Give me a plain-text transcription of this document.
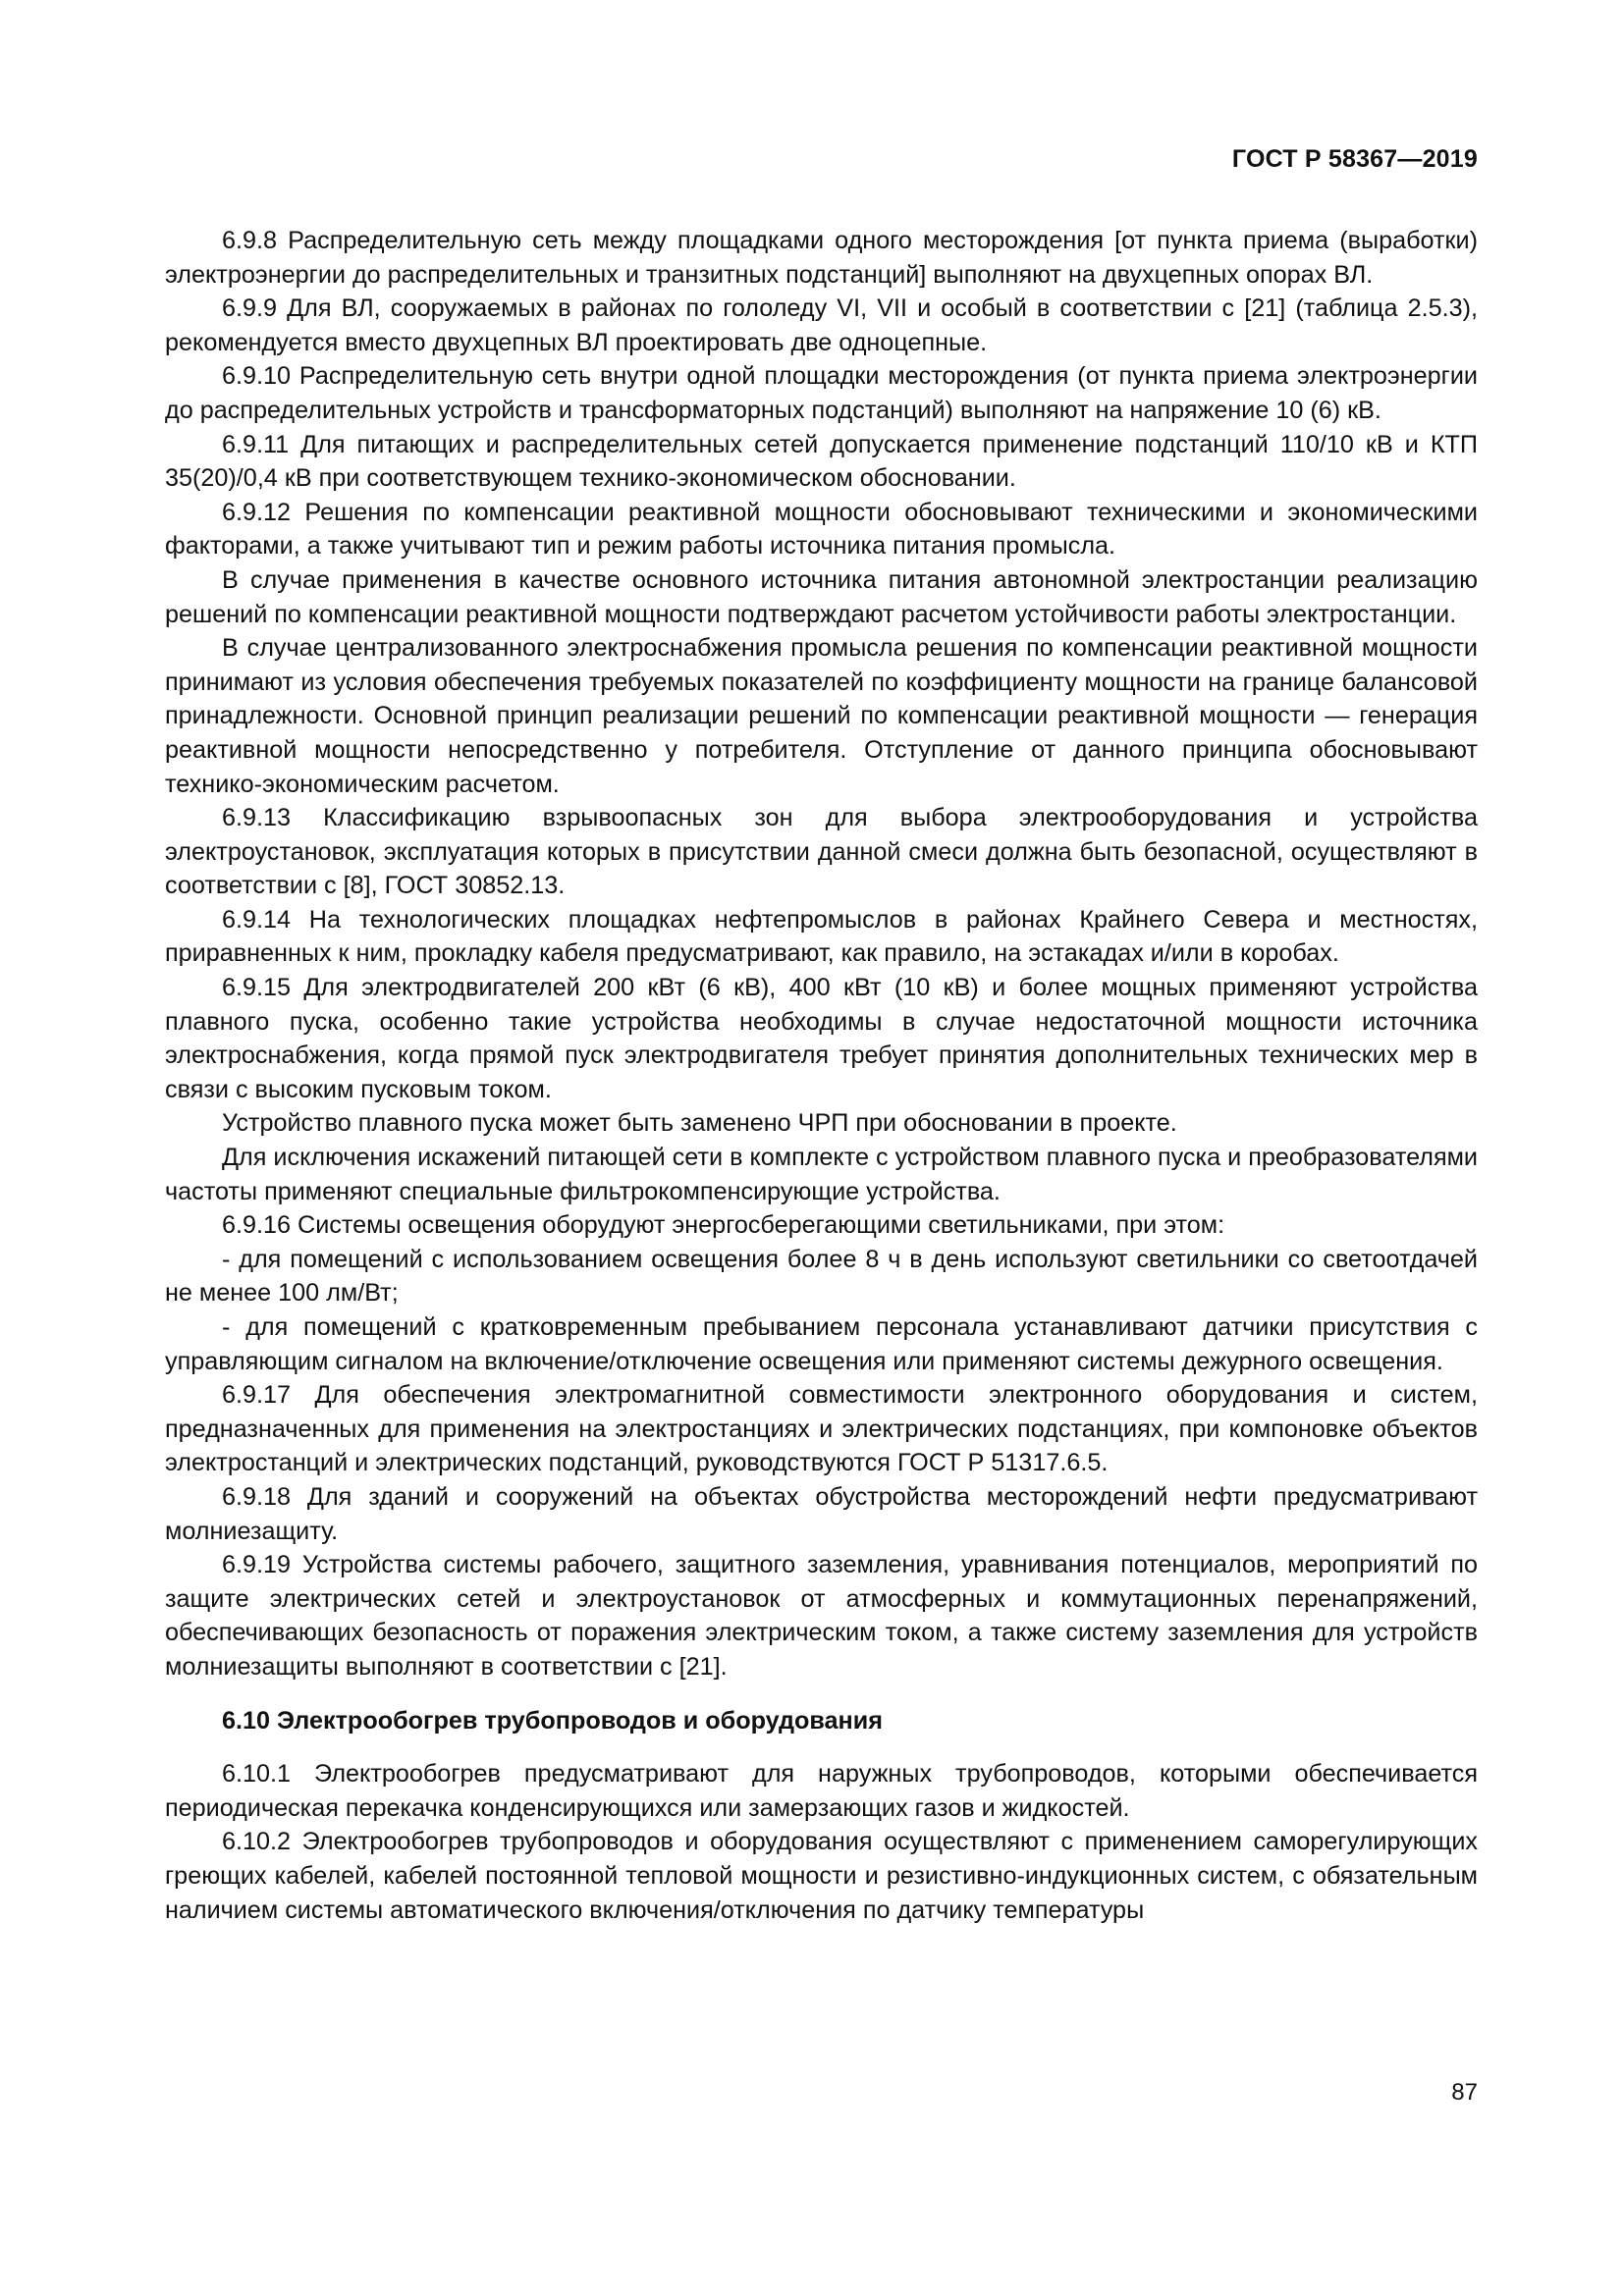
ГОСТ Р 58367—2019

6.9.8 Распределительную сеть между площадками одного месторождения [от пункта приема (выработки) электроэнергии до распределительных и транзитных подстанций] выполняют на двухцепных опорах ВЛ.

6.9.9 Для ВЛ, сооружаемых в районах по гололеду VI, VII и особый в соответствии с [21] (таблица 2.5.3), рекомендуется вместо двухцепных ВЛ проектировать две одноцепные.

6.9.10 Распределительную сеть внутри одной площадки месторождения (от пункта приема электроэнергии до распределительных устройств и трансформаторных подстанций) выполняют на напряжение 10 (6) кВ.

6.9.11 Для питающих и распределительных сетей допускается применение подстанций 110/10 кВ и КТП 35(20)/0,4 кВ при соответствующем технико-экономическом обосновании.

6.9.12 Решения по компенсации реактивной мощности обосновывают техническими и экономическими факторами, а также учитывают тип и режим работы источника питания промысла.

В случае применения в качестве основного источника питания автономной электростанции реализацию решений по компенсации реактивной мощности подтверждают расчетом устойчивости работы электростанции.

В случае централизованного электроснабжения промысла решения по компенсации реактивной мощности принимают из условия обеспечения требуемых показателей по коэффициенту мощности на границе балансовой принадлежности. Основной принцип реализации решений по компенсации реактивной мощности — генерация реактивной мощности непосредственно у потребителя. Отступление от данного принципа обосновывают технико-экономическим расчетом.

6.9.13 Классификацию взрывоопасных зон для выбора электрооборудования и устройства электроустановок, эксплуатация которых в присутствии данной смеси должна быть безопасной, осуществляют в соответствии с [8], ГОСТ 30852.13.

6.9.14 На технологических площадках нефтепромыслов в районах Крайнего Севера и местностях, приравненных к ним, прокладку кабеля предусматривают, как правило, на эстакадах и/или в коробах.

6.9.15 Для электродвигателей 200 кВт (6 кВ), 400 кВт (10 кВ) и более мощных применяют устройства плавного пуска, особенно такие устройства необходимы в случае недостаточной мощности источника электроснабжения, когда прямой пуск электродвигателя требует принятия дополнительных технических мер в связи с высоким пусковым током.

Устройство плавного пуска может быть заменено ЧРП при обосновании в проекте.

Для исключения искажений питающей сети в комплекте с устройством плавного пуска и преобразователями частоты применяют специальные фильтрокомпенсирующие устройства.

6.9.16 Системы освещения оборудуют энергосберегающими светильниками, при этом:

- для помещений с использованием освещения более 8 ч в день используют светильники со светоотдачей не менее 100 лм/Вт;

- для помещений с кратковременным пребыванием персонала устанавливают датчики присутствия с управляющим сигналом на включение/отключение освещения или применяют системы дежурного освещения.

6.9.17 Для обеспечения электромагнитной совместимости электронного оборудования и систем, предназначенных для применения на электростанциях и электрических подстанциях, при компоновке объектов электростанций и электрических подстанций, руководствуются ГОСТ Р 51317.6.5.

6.9.18 Для зданий и сооружений на объектах обустройства месторождений нефти предусматривают молниезащиту.

6.9.19 Устройства системы рабочего, защитного заземления, уравнивания потенциалов, мероприятий по защите электрических сетей и электроустановок от атмосферных и коммутационных перенапряжений, обеспечивающих безопасность от поражения электрическим током, а также систему заземления для устройств молниезащиты выполняют в соответствии с [21].

6.10 Электрообогрев трубопроводов и оборудования

6.10.1 Электрообогрев предусматривают для наружных трубопроводов, которыми обеспечивается периодическая перекачка конденсирующихся или замерзающих газов и жидкостей.

6.10.2 Электрообогрев трубопроводов и оборудования осуществляют с применением саморегулирующих греющих кабелей, кабелей постоянной тепловой мощности и резистивно-индукционных систем, с обязательным наличием системы автоматического включения/отключения по датчику температуры

87
